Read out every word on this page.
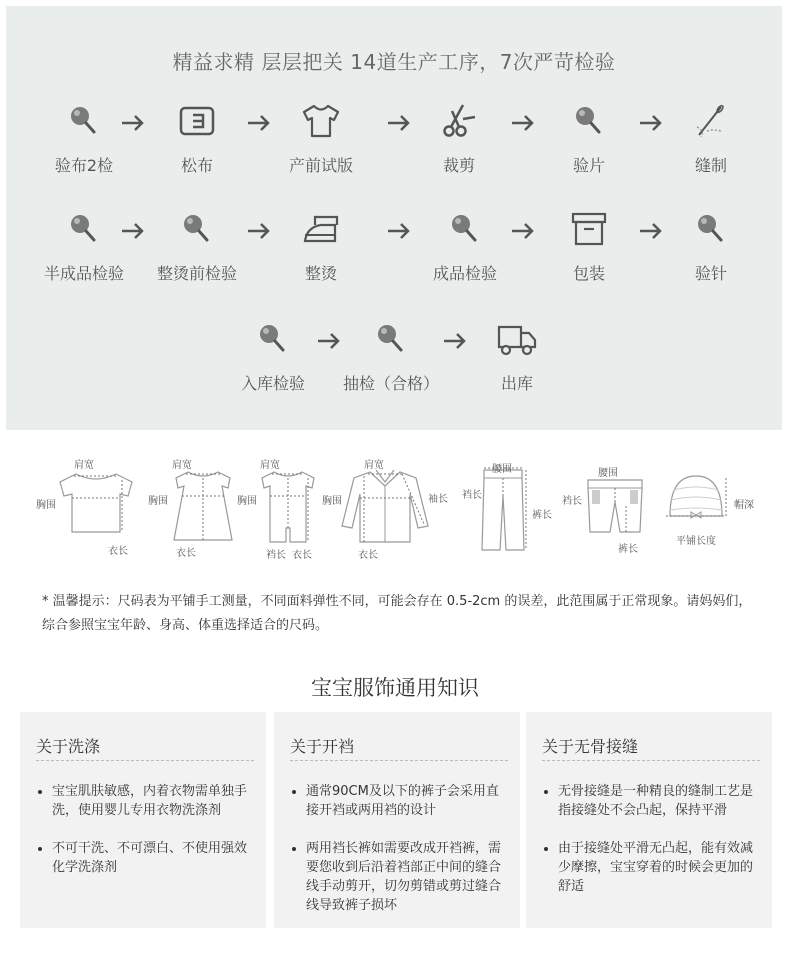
精益求精 层层把关 14道生产工序，7次严苛检验
验布2检	松布	产前试版	裁剪	验片	缝制
半成品检验	整烫前检验	整烫	成品检验	包装	验针
入库检验	抽检（合格）	出库
肩宽
胸围
衣长
肩宽
胸围
衣长
肩宽
胸围
裆长 衣长
肩宽
胸围	袖长
衣长
腰围
裆长
裤长
腰围
裆长
裤长
帽深
平铺长度
* 温馨提示：尺码表为平铺手工测量，不同面料弹性不同，可能会存在 0.5-2cm 的误差，此范围属于正常现象。请妈妈们，综合参照宝宝年龄、身高、体重选择适合的尺码。
宝宝服饰通用知识
关于洗涤
宝宝肌肤敏感，内着衣物需单独手洗，使用婴儿专用衣物洗涤剂
不可干洗、不可漂白、不使用强效化学洗涤剂
关于开裆
通常90CM及以下的裤子会采用直接开裆或两用裆的设计
两用裆长裤如需要改成开裆裤，需要您收到后沿着裆部正中间的缝合线手动剪开，切勿剪错或剪过缝合线导致裤子损坏
关于无骨接缝
无骨接缝是一种精良的缝制工艺是指接缝处不会凸起，保持平滑
由于接缝处平滑无凸起，能有效减少摩擦，宝宝穿着的时候会更加的舒适
